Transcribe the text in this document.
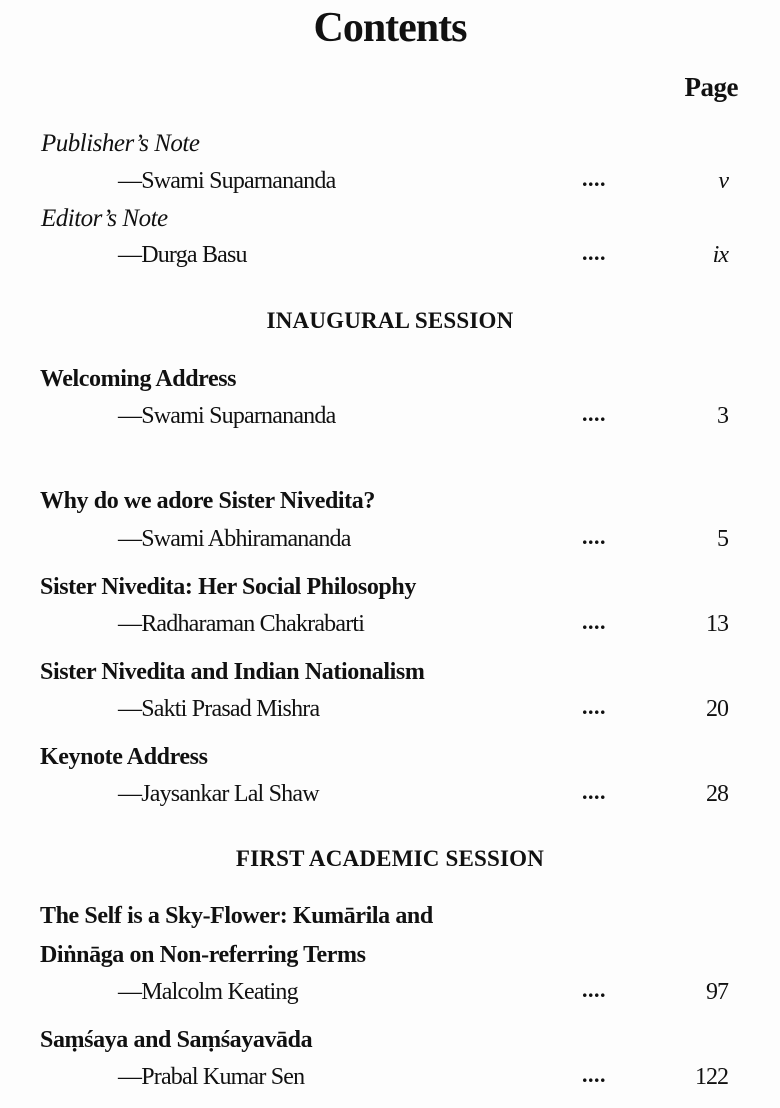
Contents
Page
Publisher’s Note
—Swami Suparnananda	....	v
Editor’s Note
—Durga Basu	....	ix
INAUGURAL SESSION
Welcoming Address
—Swami Suparnananda	....	3
Why do we adore Sister Nivedita?
—Swami Abhiramananda	....	5
Sister Nivedita: Her Social Philosophy
—Radharaman Chakrabarti	....	13
Sister Nivedita and Indian Nationalism
—Sakti Prasad Mishra	....	20
Keynote Address
—Jaysankar Lal Shaw	....	28
FIRST ACADEMIC SESSION
The Self is a Sky-Flower: Kumārila and
Diṅnāga on Non-referring Terms
—Malcolm Keating	....	97
Saṃśaya and Saṃśayavāda
—Prabal Kumar Sen	....	122
